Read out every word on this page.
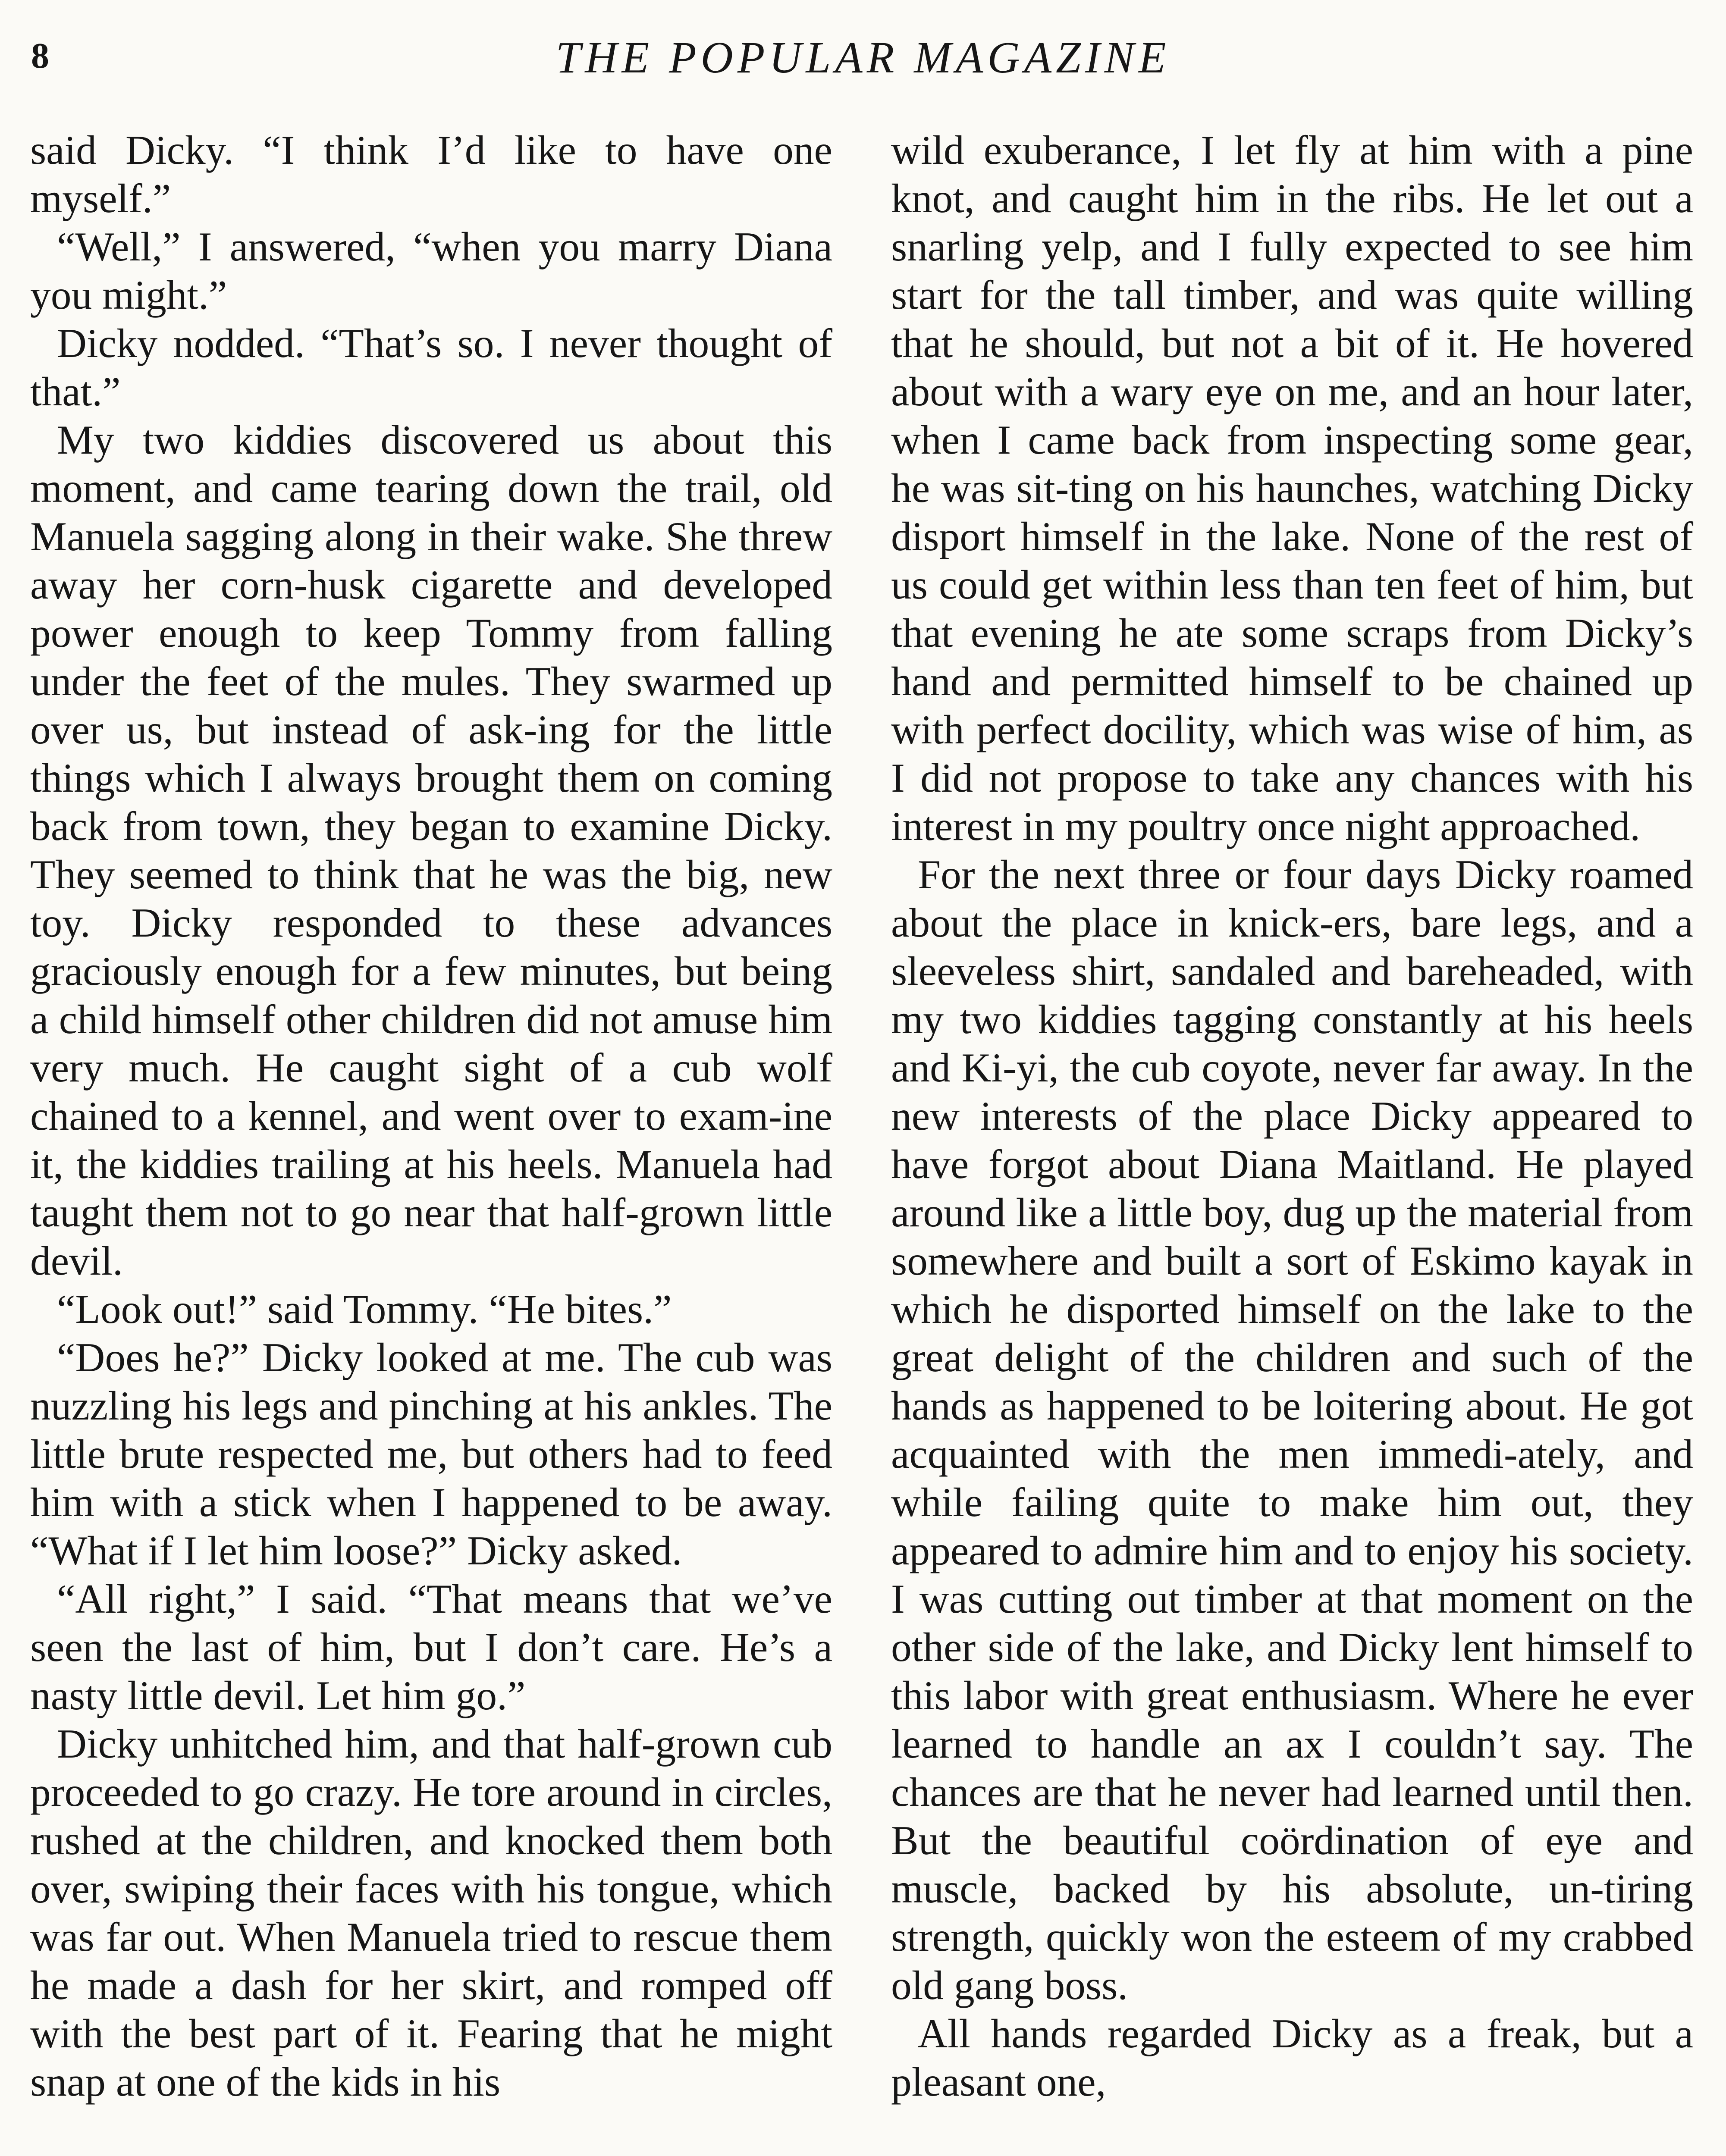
8	THE POPULAR MAGAZINE

said Dicky. “I think I’d like to have one myself.”

“Well,” I answered, “when you marry Diana you might.”

Dicky nodded. “That’s so. I never thought of that.”

My two kiddies discovered us about this moment, and came tearing down the trail, old Manuela sagging along in their wake. She threw away her corn-husk cigarette and developed power enough to keep Tommy from falling under the feet of the mules. They swarmed up over us, but instead of ask-ing for the little things which I always brought them on coming back from town, they began to examine Dicky. They seemed to think that he was the big, new toy. Dicky responded to these advances graciously enough for a few minutes, but being a child himself other children did not amuse him very much. He caught sight of a cub wolf chained to a kennel, and went over to exam-ine it, the kiddies trailing at his heels. Manuela had taught them not to go near that half-grown little devil.

“Look out!” said Tommy. “He bites.”

“Does he?” Dicky looked at me. The cub was nuzzling his legs and pinching at his ankles. The little brute respected me, but others had to feed him with a stick when I happened to be away. “What if I let him loose?” Dicky asked.

“All right,” I said. “That means that we’ve seen the last of him, but I don’t care. He’s a nasty little devil. Let him go.”

Dicky unhitched him, and that half-grown cub proceeded to go crazy. He tore around in circles, rushed at the children, and knocked them both over, swiping their faces with his tongue, which was far out. When Manuela tried to rescue them he made a dash for her skirt, and romped off with the best part of it. Fearing that he might snap at one of the kids in his

wild exuberance, I let fly at him with a pine knot, and caught him in the ribs. He let out a snarling yelp, and I fully expected to see him start for the tall timber, and was quite willing that he should, but not a bit of it. He hovered about with a wary eye on me, and an hour later, when I came back from inspecting some gear, he was sit-ting on his haunches, watching Dicky disport himself in the lake. None of the rest of us could get within less than ten feet of him, but that evening he ate some scraps from Dicky’s hand and permitted himself to be chained up with perfect docility, which was wise of him, as I did not propose to take any chances with his interest in my poultry once night approached.

For the next three or four days Dicky roamed about the place in knick-ers, bare legs, and a sleeveless shirt, sandaled and bareheaded, with my two kiddies tagging constantly at his heels and Ki-yi, the cub coyote, never far away. In the new interests of the place Dicky appeared to have forgot about Diana Maitland. He played around like a little boy, dug up the material from somewhere and built a sort of Eskimo kayak in which he disported himself on the lake to the great delight of the children and such of the hands as happened to be loitering about. He got acquainted with the men immedi-ately, and while failing quite to make him out, they appeared to admire him and to enjoy his society. I was cutting out timber at that moment on the other side of the lake, and Dicky lent himself to this labor with great enthusiasm. Where he ever learned to handle an ax I couldn’t say. The chances are that he never had learned until then. But the beautiful coördination of eye and muscle, backed by his absolute, un-tiring strength, quickly won the esteem of my crabbed old gang boss.

All hands regarded Dicky as a freak, but a pleasant one,
